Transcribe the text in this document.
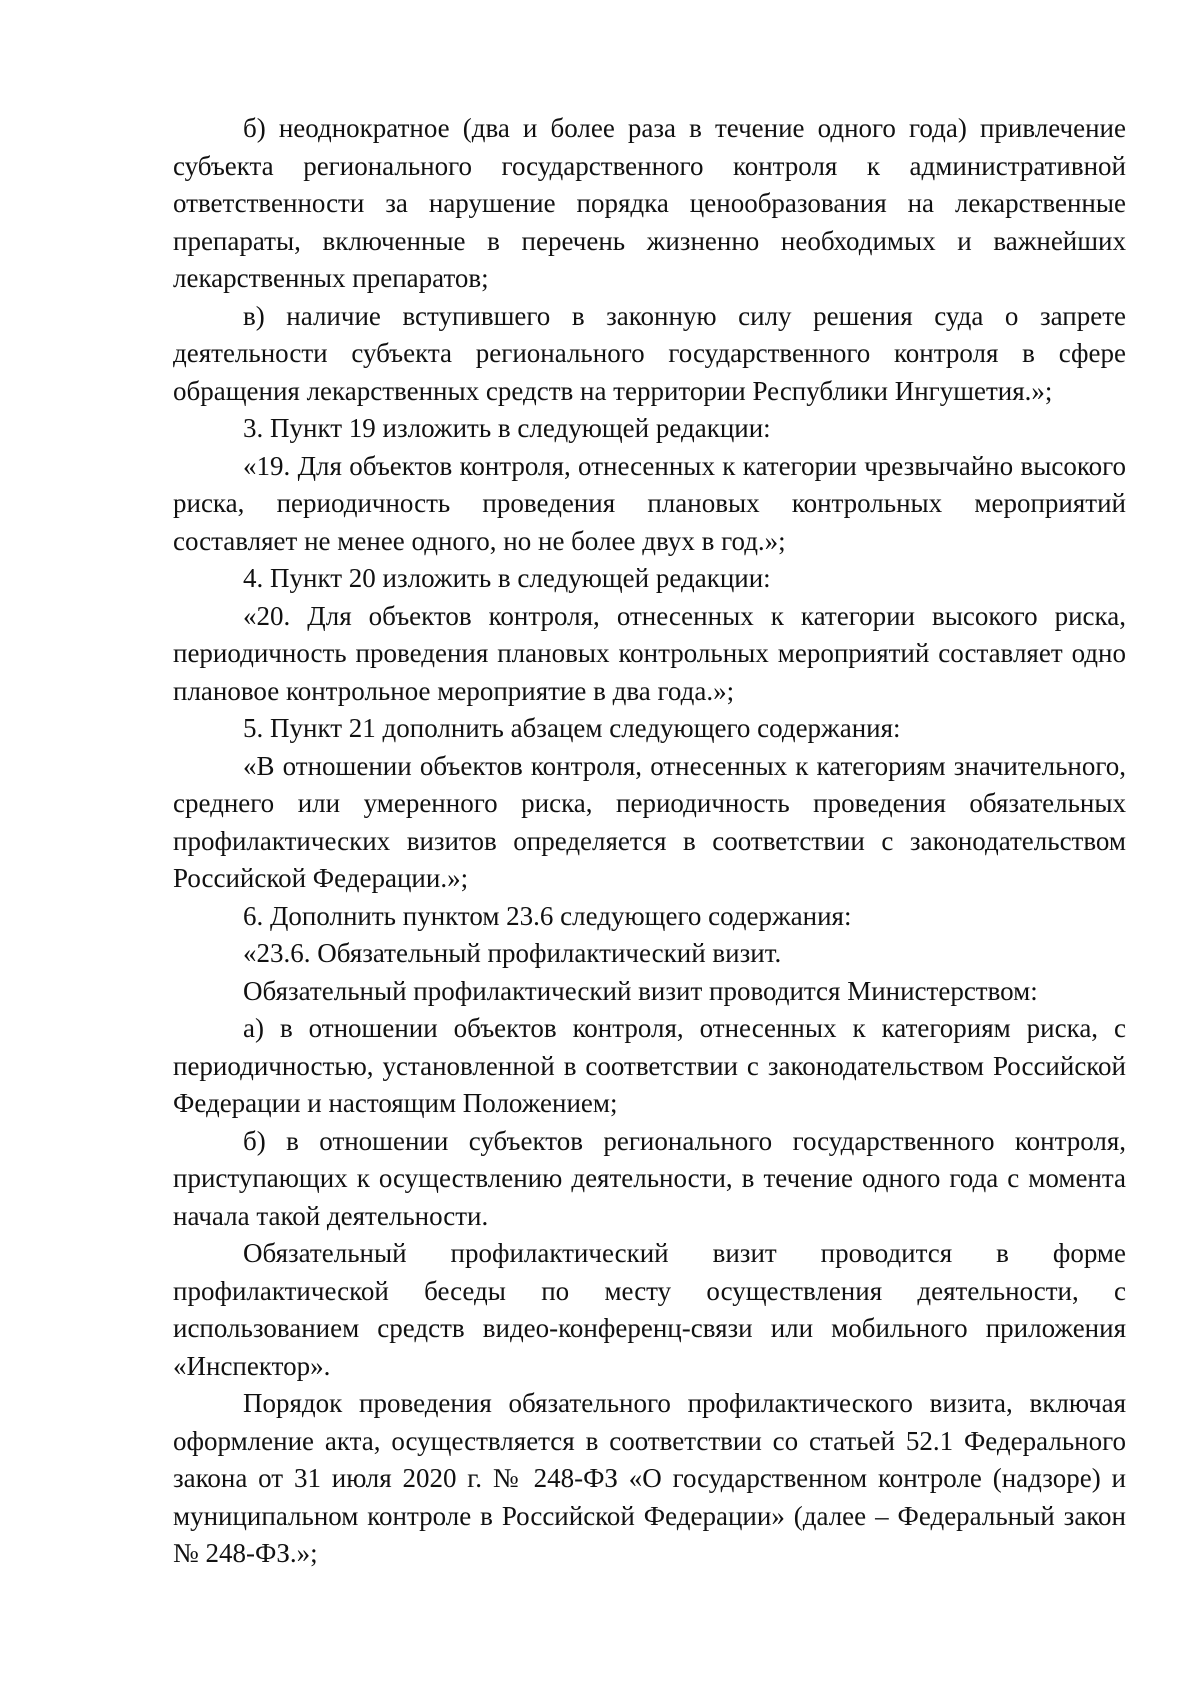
б) неоднократное (два и более раза в течение одного года) привлечение субъекта регионального государственного контроля к административной ответственности за нарушение порядка ценообразования на лекарственные препараты, включенные в перечень жизненно необходимых и важнейших лекарственных препаратов;

в) наличие вступившего в законную силу решения суда о запрете деятельности субъекта регионального государственного контроля в сфере обращения лекарственных средств на территории Республики Ингушетия.»;

3. Пункт 19 изложить в следующей редакции:

«19. Для объектов контроля, отнесенных к категории чрезвычайно высокого риска, периодичность проведения плановых контрольных мероприятий составляет не менее одного, но не более двух в год.»;

4. Пункт 20 изложить в следующей редакции:

«20. Для объектов контроля, отнесенных к категории высокого риска, периодичность проведения плановых контрольных мероприятий составляет одно плановое контрольное мероприятие в два года.»;

5. Пункт 21 дополнить абзацем следующего содержания:

«В отношении объектов контроля, отнесенных к категориям значительного, среднего или умеренного риска, периодичность проведения обязательных профилактических визитов определяется в соответствии с законодательством Российской Федерации.»;

6. Дополнить пунктом 23.6 следующего содержания:

«23.6. Обязательный профилактический визит.

Обязательный профилактический визит проводится Министерством:

а) в отношении объектов контроля, отнесенных к категориям риска, с периодичностью, установленной в соответствии с законодательством Российской Федерации и настоящим Положением;

б) в отношении субъектов регионального государственного контроля, приступающих к осуществлению деятельности, в течение одного года с момента начала такой деятельности.

Обязательный профилактический визит проводится в форме профилактической беседы по месту осуществления деятельности, с использованием средств видео-конференц-связи или мобильного приложения «Инспектор».

Порядок проведения обязательного профилактического визита, включая оформление акта, осуществляется в соответствии со статьей 52.1 Федерального закона от 31 июля 2020 г. № 248-ФЗ «О государственном контроле (надзоре) и муниципальном контроле в Российской Федерации» (далее – Федеральный закон № 248-ФЗ.»;
